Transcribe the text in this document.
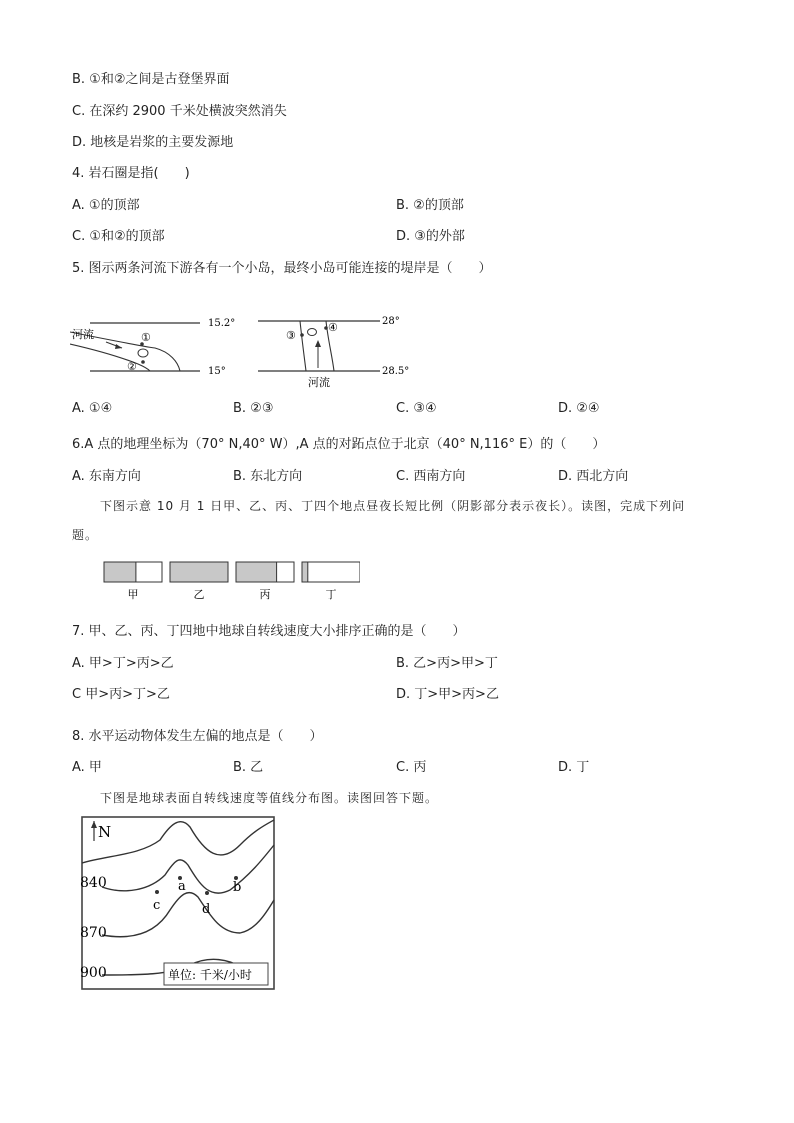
B. ①和②之间是古登堡界面
C. 在深约 2900 千米处横波突然消失
D. 地核是岩浆的主要发源地
4. 岩石圈是指(　　)
A. ①的顶部	B. ②的顶部
C. ①和②的顶部	D. ③的外部
5. 图示两条河流下游各有一个小岛，最终小岛可能连接的堤岸是（　　）
河流
15.2°
15°
①
②
③
④	28°
28.5°
河流
A. ①④	B. ②③	C. ③④	D. ②④
6.A 点的地理坐标为（70° N,40° W）,A 点的对跖点位于北京（40° N,116° E）的（　　）
A. 东南方向	B. 东北方向	C. 西南方向	D. 西北方向
下图示意 10 月 1 日甲、乙、丙、丁四个地点昼夜长短比例（阴影部分表示夜长）。读图，完成下列问
题。
甲	乙	丙	丁
7. 甲、乙、丙、丁四地中地球自转线速度大小排序正确的是（　　）
A. 甲>丁>丙>乙	B. 乙>丙>甲>丁
C 甲>丙>丁>乙	D. 丁>甲>丙>乙
8. 水平运动物体发生左偏的地点是（　　）
A. 甲	B. 乙	C. 丙	D. 丁
下图是地球表面自转线速度等值线分布图。读图回答下题。
N
840
870
900
a	b
c	d
单位: 千米/小时
